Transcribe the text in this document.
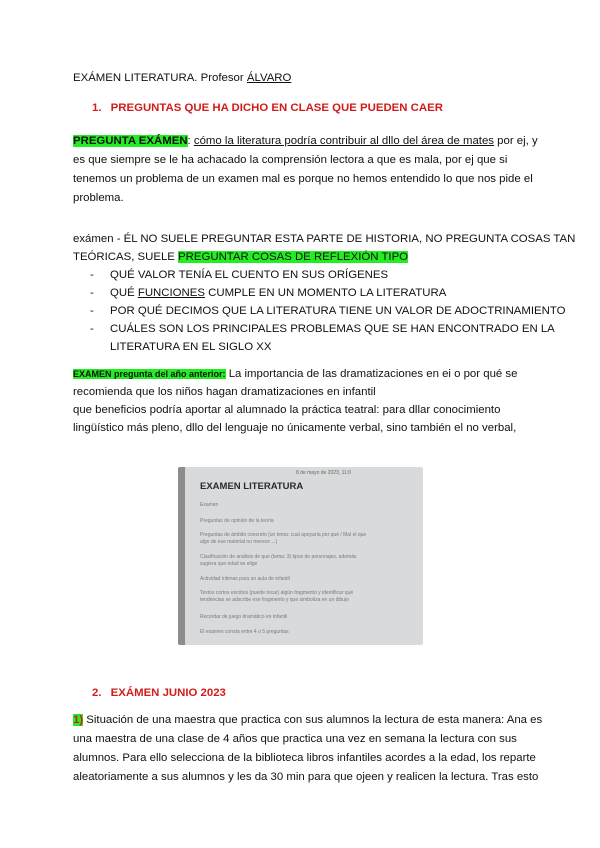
EXÁMEN LITERATURA. Profesor ÁLVARO
1. PREGUNTAS QUE HA DICHO EN CLASE QUE PUEDEN CAER
PREGUNTA EXÁMEN: cómo la literatura podría contribuir al dllo del área de mates por ej, y
es que siempre se le ha achacado la comprensión lectora a que es mala, por ej que si
tenemos un problema de un examen mal es porque no hemos entendido lo que nos pide el
problema.
exámen - ÉL NO SUELE PREGUNTAR ESTA PARTE DE HISTORIA, NO PREGUNTA COSAS TAN
TEÓRICAS, SUELE PREGUNTAR COSAS DE REFLEXIÓN TIPO
- QUÉ VALOR TENÍA EL CUENTO EN SUS ORÍGENES
- QUÉ FUNCIONES CUMPLE EN UN MOMENTO LA LITERATURA
- POR QUÉ DECIMOS QUE LA LITERATURA TIENE UN VALOR DE ADOCTRINAMIENTO
- CUÁLES SON LOS PRINCIPALES PROBLEMAS QUE SE HAN ENCONTRADO EN LA
LITERATURA EN EL SIGLO XX
EXAMEN pregunta del año anterior: La importancia de las dramatizaciones en ei o por qué se
recomienda que los niños hagan dramatizaciones en infantil
que beneficios podría aportar al alumnado la práctica teatral: para dllar conocimiento
lingüístico más pleno, dllo del lenguaje no únicamente verbal, sino también el no verbal,
8 de mayo de 2023, 11:0
EXAMEN LITERATURA
Examen
Preguntas de opinión de la teoría
Preguntas de ámbito concreto (un tema: cual apoyaría por qué / Mal el que
algo de ese material no merece ...)
Clasificación de análisis de que (tema: 3) tipos de personajes, además
sugiera que edad se elige
Actividad íntimas para un aula de infantil
Textos cortos escritos (puede tocar) algún fragmento y identificar qué
tendencias se adscribe ese fragmento y que simboliza en un dibujo
Recordar de juego dramático en infantil
El examen consta entre 4 o 5 preguntas
2. EXÁMEN JUNIO 2023
1) Situación de una maestra que practica con sus alumnos la lectura de esta manera: Ana es
una maestra de una clase de 4 años que practica una vez en semana la lectura con sus
alumnos. Para ello selecciona de la biblioteca libros infantiles acordes a la edad, los reparte
aleatoriamente a sus alumnos y les da 30 min para que ojeen y realicen la lectura. Tras esto
